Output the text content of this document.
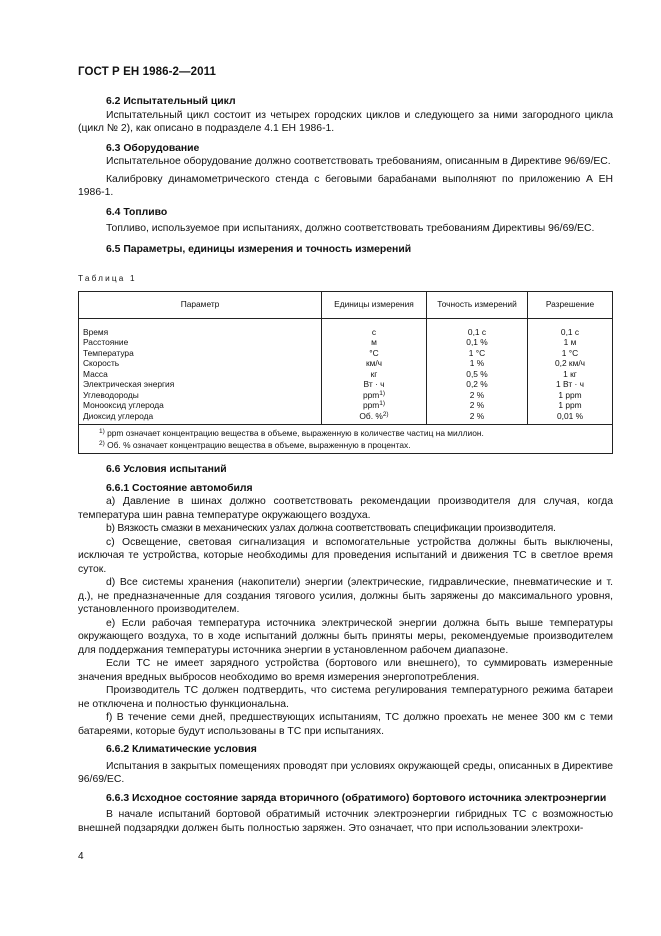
ГОСТ Р ЕН 1986-2—2011
6.2 Испытательный цикл

Испытательный цикл состоит из четырех городских циклов и следующего за ними загородного цикла (цикл № 2), как описано в подразделе 4.1 ЕН 1986-1.

6.3 Оборудование

Испытательное оборудование должно соответствовать требованиям, описанным в Директиве 96/69/ЕС.

Калибровку динамометрического стенда с беговыми барабанами выполняют по приложению А ЕН 1986-1.

6.4 Топливо

Топливо, используемое при испытаниях, должно соответствовать требованиям Директивы 96/69/ЕС.

6.5 Параметры, единицы измерения и точность измерений
Таблица 1
Параметр	Единицы измерения	Точность измерений	Разрешение
Время	с	0,1 с	0,1 с
Расстояние	м	0,1 %	1 м
Температура	°С	1 °С	1 °С
Скорость	км/ч	1 %	0,2 км/ч
Масса	кг	0,5 %	1 кг
Электрическая энергия	Вт · ч	0,2 %	1 Вт · ч
Углеводороды	ppm$^{1)}$	2 %	1 ppm
Монооксид углерода	ppm$^{1)}$	2 %	1 ppm
Диоксид углерода	Об. %$^{2)}$	2 %	0,01 %

$^{1)}$ ppm означает концентрацию вещества в объеме, выраженную в количестве частиц на миллион.
$^{2)}$ Об. % означает концентрацию вещества в объеме, выраженную в процентах.			
6.6 Условия испытаний
6.6.1 Состояние автомобиля

а) Давление в шинах должно соответствовать рекомендации производителя для случая, когда температура шин равна температуре окружающего воздуха.

b) Вязкость смазки в механических узлах должна соответствовать спецификации производителя.

с) Освещение, световая сигнализация и вспомогательные устройства должны быть выключены, исключая те устройства, которые необходимы для проведения испытаний и движения ТС в светлое время суток.

d) Все системы хранения (накопители) энергии (электрические, гидравлические, пневматические и т. д.), не предназначенные для создания тягового усилия, должны быть заряжены до максимального уровня, установленного производителем.

е) Если рабочая температура источника электрической энергии должна быть выше температуры окружающего воздуха, то в ходе испытаний должны быть приняты меры, рекомендуемые производителем для поддержания температуры источника энергии в установленном рабочем диапазоне.

Если ТС не имеет зарядного устройства (бортового или внешнего), то суммировать измеренные значения вредных выбросов необходимо во время измерения энергопотребления.

Производитель ТС должен подтвердить, что система регулирования температурного режима батареи не отключена и полностью функциональна.

f) В течение семи дней, предшествующих испытаниям, ТС должно проехать не менее 300 км с теми батареями, которые будут использованы в ТС при испытаниях.

6.6.2 Климатические условия

Испытания в закрытых помещениях проводят при условиях окружающей среды, описанных в Директиве 96/69/ЕС.

6.6.3 Исходное состояние заряда вторичного (обратимого) бортового источника электроэнергии

В начале испытаний бортовой обратимый источник электроэнергии гибридных ТС с возможностью внешней подзарядки должен быть полностью заряжен. Это означает, что при использовании электрохи-

4
